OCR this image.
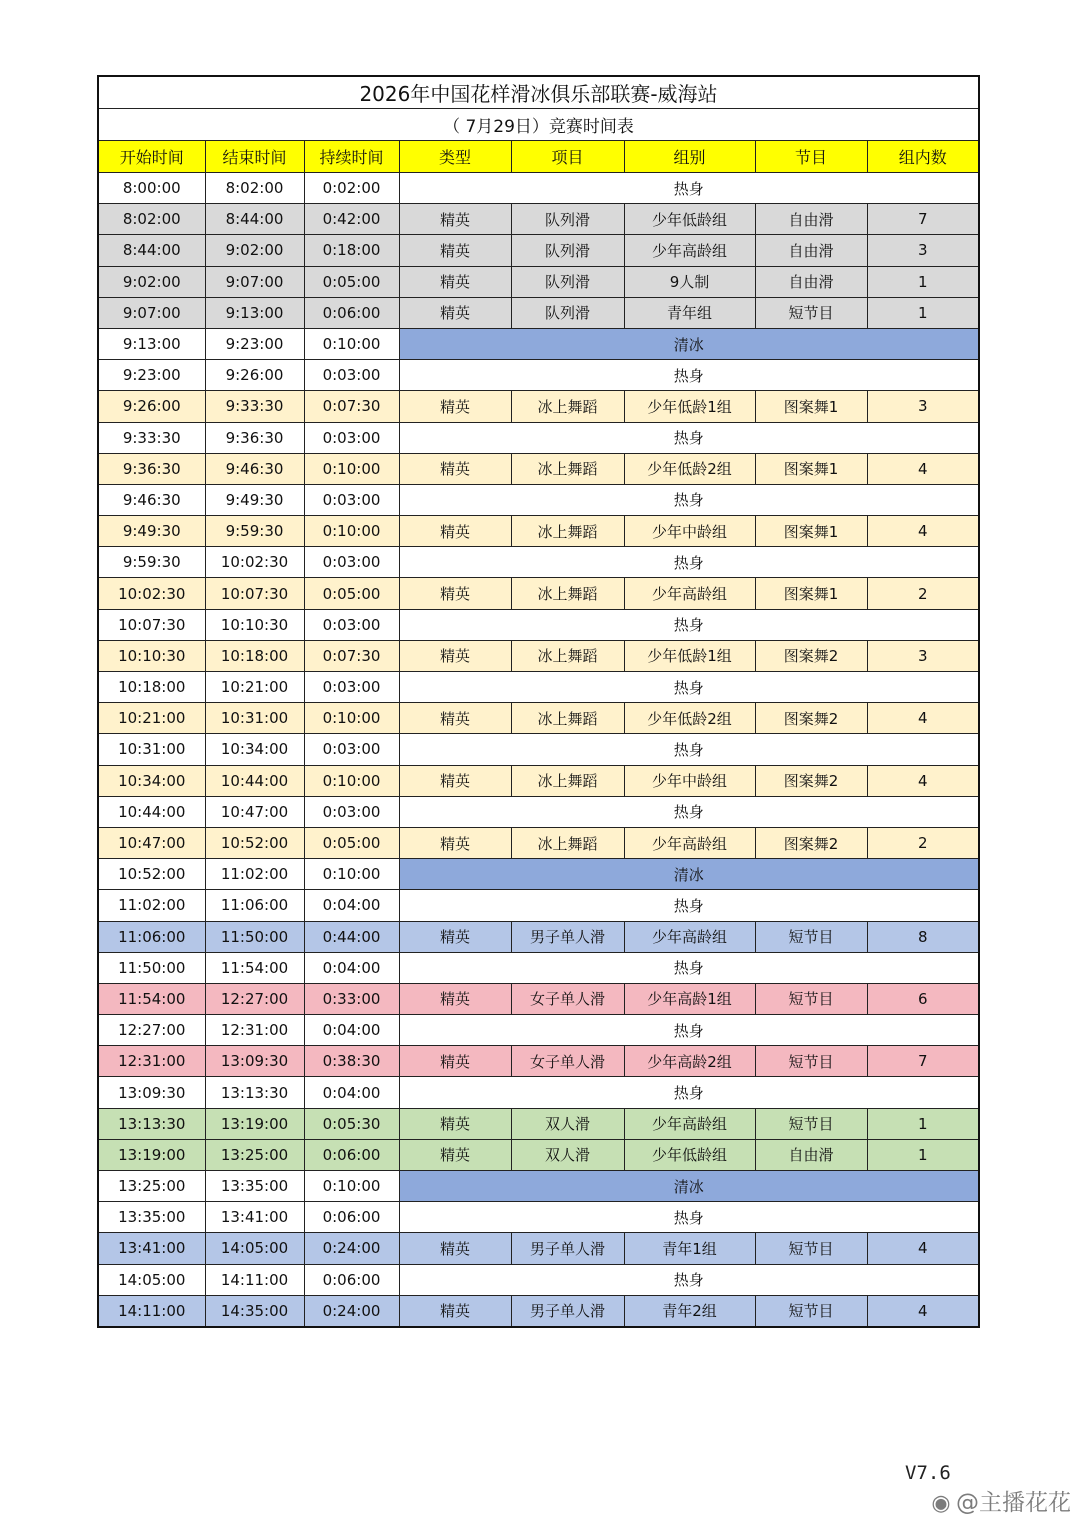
2026年中国花样滑冰俱乐部联赛-威海站							
（ 7月29日）竞赛时间表							
开始时间	结束时间	持续时间	类型	项目	组别	节目	组内数
8:00:00	8:02:00	0:02:00	热身				
8:02:00	8:44:00	0:42:00	精英	队列滑	少年低龄组	自由滑	7
8:44:00	9:02:00	0:18:00	精英	队列滑	少年高龄组	自由滑	3
9:02:00	9:07:00	0:05:00	精英	队列滑	9人制	自由滑	1
9:07:00	9:13:00	0:06:00	精英	队列滑	青年组	短节目	1
9:13:00	9:23:00	0:10:00	清冰				
9:23:00	9:26:00	0:03:00	热身				
9:26:00	9:33:30	0:07:30	精英	冰上舞蹈	少年低龄1组	图案舞1	3
9:33:30	9:36:30	0:03:00	热身				
9:36:30	9:46:30	0:10:00	精英	冰上舞蹈	少年低龄2组	图案舞1	4
9:46:30	9:49:30	0:03:00	热身				
9:49:30	9:59:30	0:10:00	精英	冰上舞蹈	少年中龄组	图案舞1	4
9:59:30	10:02:30	0:03:00	热身				
10:02:30	10:07:30	0:05:00	精英	冰上舞蹈	少年高龄组	图案舞1	2
10:07:30	10:10:30	0:03:00	热身				
10:10:30	10:18:00	0:07:30	精英	冰上舞蹈	少年低龄1组	图案舞2	3
10:18:00	10:21:00	0:03:00	热身				
10:21:00	10:31:00	0:10:00	精英	冰上舞蹈	少年低龄2组	图案舞2	4
10:31:00	10:34:00	0:03:00	热身				
10:34:00	10:44:00	0:10:00	精英	冰上舞蹈	少年中龄组	图案舞2	4
10:44:00	10:47:00	0:03:00	热身				
10:47:00	10:52:00	0:05:00	精英	冰上舞蹈	少年高龄组	图案舞2	2
10:52:00	11:02:00	0:10:00	清冰				
11:02:00	11:06:00	0:04:00	热身				
11:06:00	11:50:00	0:44:00	精英	男子单人滑	少年高龄组	短节目	8
11:50:00	11:54:00	0:04:00	热身				
11:54:00	12:27:00	0:33:00	精英	女子单人滑	少年高龄1组	短节目	6
12:27:00	12:31:00	0:04:00	热身				
12:31:00	13:09:30	0:38:30	精英	女子单人滑	少年高龄2组	短节目	7
13:09:30	13:13:30	0:04:00	热身				
13:13:30	13:19:00	0:05:30	精英	双人滑	少年高龄组	短节目	1
13:19:00	13:25:00	0:06:00	精英	双人滑	少年低龄组	自由滑	1
13:25:00	13:35:00	0:10:00	清冰				
13:35:00	13:41:00	0:06:00	热身				
13:41:00	14:05:00	0:24:00	精英	男子单人滑	青年1组	短节目	4
14:05:00	14:11:00	0:06:00	热身				
14:11:00	14:35:00	0:24:00	精英	男子单人滑	青年2组	短节目	4
V7.6
◉ @主播花花
